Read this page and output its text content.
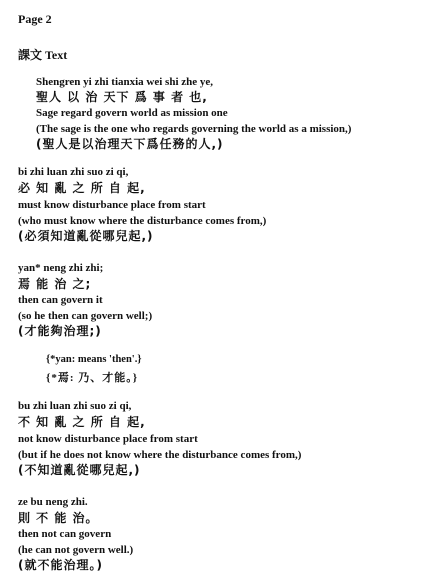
Page 2
課文 Text
Shengren yi zhi tianxia wei shi zhe ye,
聖人 以 治 天下 爲 事 者 也,
Sage regard govern world as mission one
(The sage is the one who regards governing the world as a mission,)
(聖人是以治理天下爲任務的人,)
bi zhi luan zhi suo zi qi,
必 知 亂 之 所 自 起,
must know disturbance place from start
(who must know where the disturbance comes from,)
(必須知道亂從哪兒起,)
yan* neng zhi zhi;
焉 能 治 之;
then can govern it
(so he then can govern well;)
(才能夠治理;)
{*yan: means 'then'.}
{*焉: 乃、才能。}
bu zhi luan zhi suo zi qi,
不 知 亂 之 所 自 起,
not know disturbance place from start
(but if he does not know where the disturbance comes from,)
(不知道亂從哪兒起,)
ze bu neng zhi.
則 不 能 治。
then not can govern
(he can not govern well.)
(就不能治理。)
